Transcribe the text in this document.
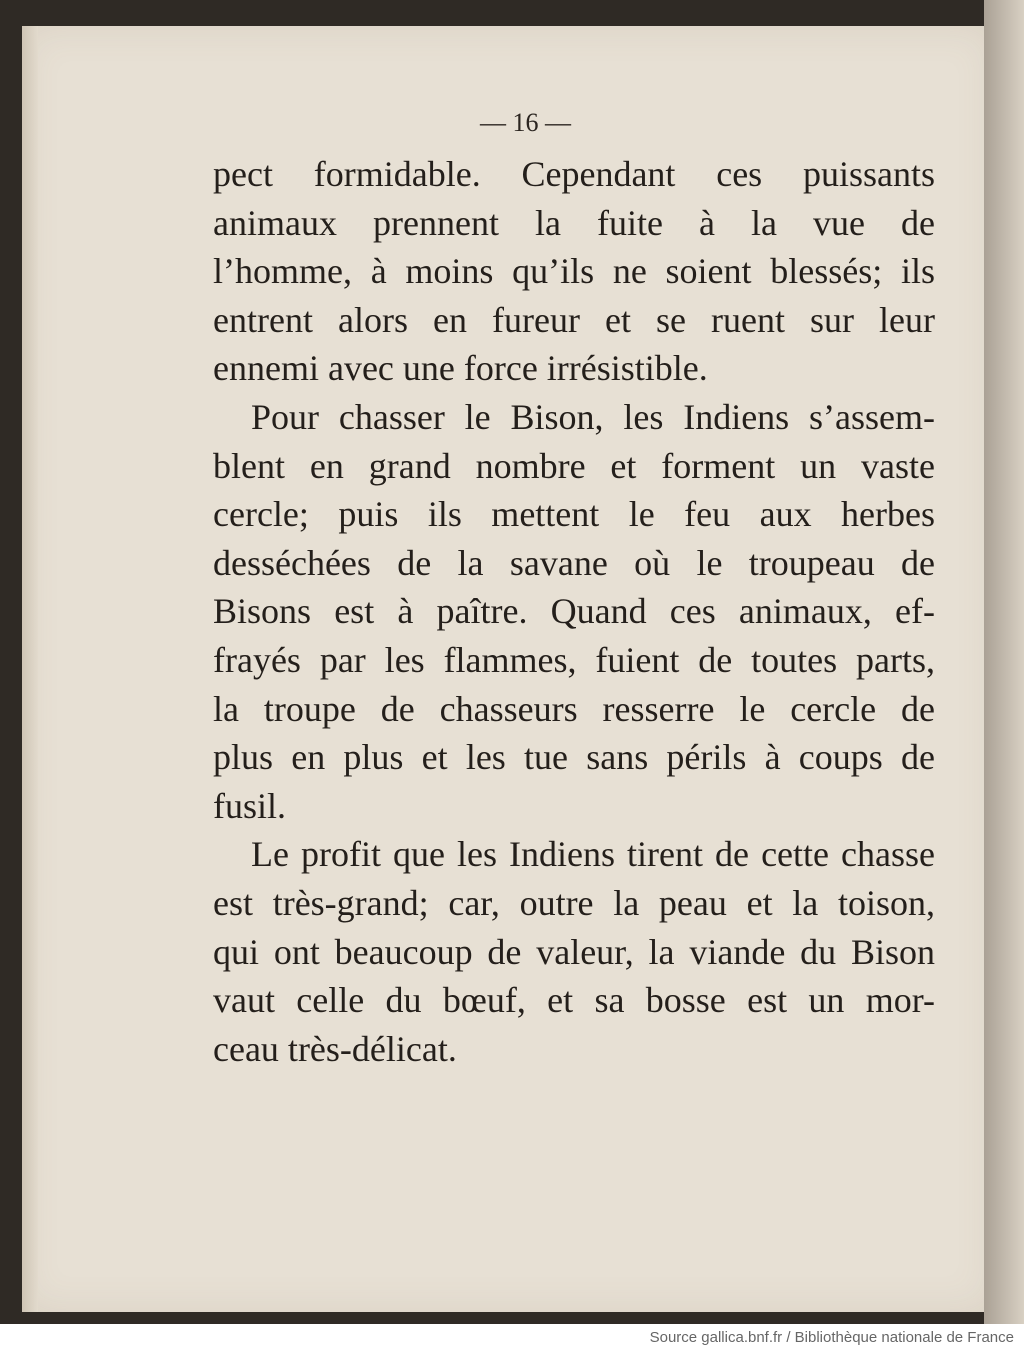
— 16 —

pect formidable. Cependant ces puissants
animaux prennent la fuite à la vue de
l’homme, à moins qu’ils ne soient blessés; ils
entrent alors en fureur et se ruent sur leur
ennemi avec une force irrésistible.

Pour chasser le Bison, les Indiens s’assem-
blent en grand nombre et forment un vaste
cercle; puis ils mettent le feu aux herbes
desséchées de la savane où le troupeau de
Bisons est à paître. Quand ces animaux, ef-
frayés par les flammes, fuient de toutes parts,
la troupe de chasseurs resserre le cercle de
plus en plus et les tue sans périls à coups de
fusil.

Le profit que les Indiens tirent de cette chasse
est très-grand; car, outre la peau et la toison,
qui ont beaucoup de valeur, la viande du Bison
vaut celle du bœuf, et sa bosse est un mor-
ceau très-délicat.

Source gallica.bnf.fr / Bibliothèque nationale de France
